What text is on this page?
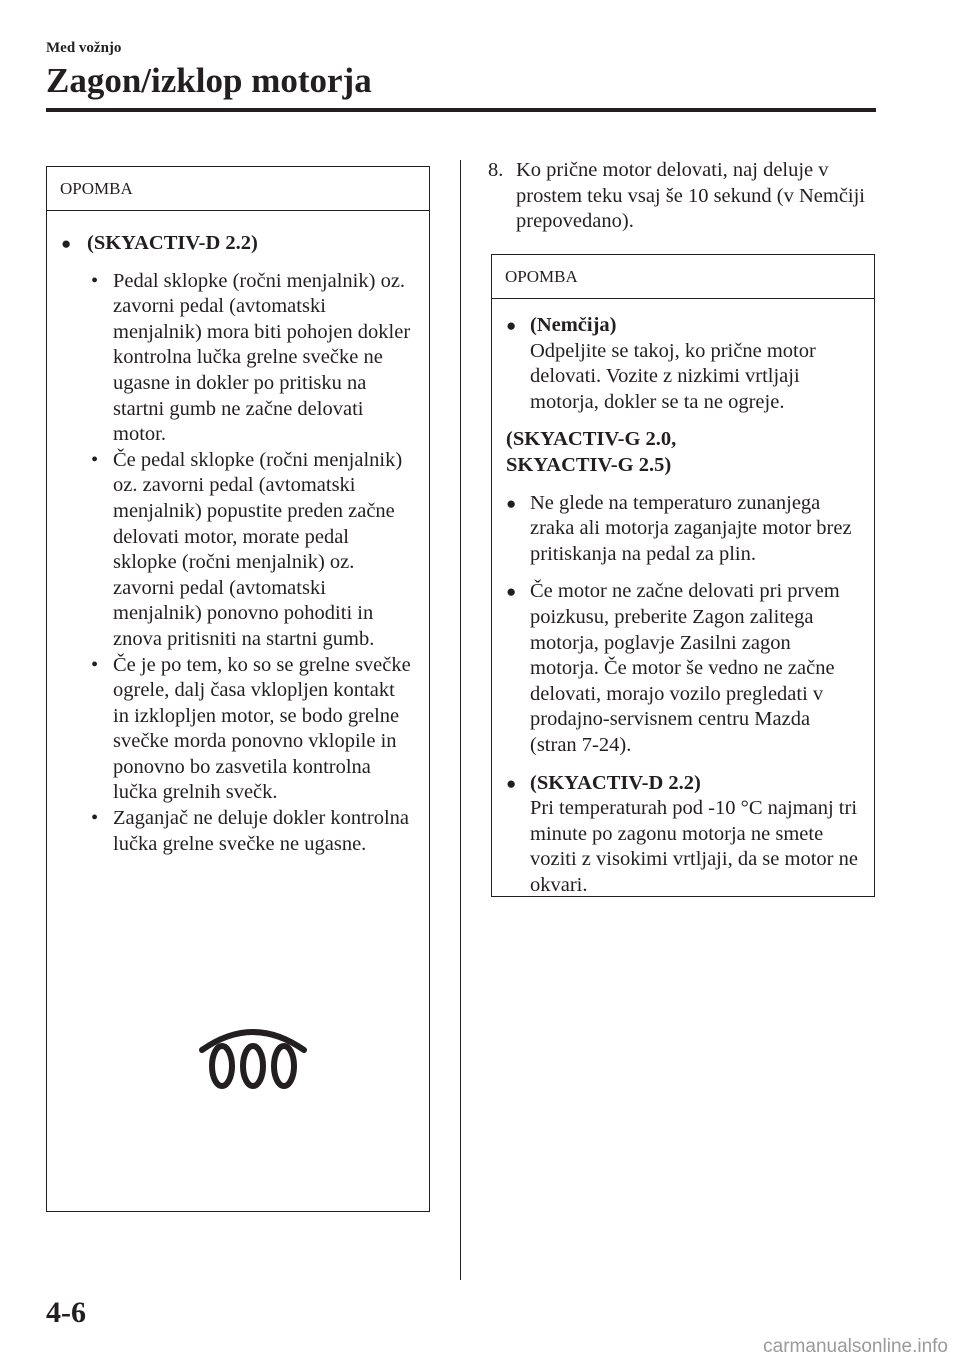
Med vožnjo
Zagon/izklop motorja
OPOMBA
● (SKYACTIV-D 2.2)
• Pedal sklopke (ročni menjalnik) oz. zavorni pedal (avtomatski menjalnik) mora biti pohojen dokler kontrolna lučka grelne svečke ne ugasne in dokler po pritisku na startni gumb ne začne delovati motor.
• Če pedal sklopke (ročni menjalnik) oz. zavorni pedal (avtomatski menjalnik) popustite preden začne delovati motor, morate pedal sklopke (ročni menjalnik) oz. zavorni pedal (avtomatski menjalnik) ponovno pohoditi in znova pritisniti na startni gumb.
• Če je po tem, ko so se grelne svečke ogrele, dalj časa vklopljen kontakt in izklopljen motor, se bodo grelne svečke morda ponovno vklopile in ponovno bo zasvetila kontrolna lučka grelnih svečk.
• Zaganjač ne deluje dokler kontrolna lučka grelne svečke ne ugasne.
8. Ko prične motor delovati, naj deluje v prostem teku vsaj še 10 sekund (v Nemčiji prepovedano).
OPOMBA
● (Nemčija)
Odpeljite se takoj, ko prične motor delovati. Vozite z nizkimi vrtljaji motorja, dokler se ta ne ogreje.
(SKYACTIV-G 2.0,
SKYACTIV-G 2.5)
● Ne glede na temperaturo zunanjega zraka ali motorja zaganjajte motor brez pritiskanja na pedal za plin.
● Če motor ne začne delovati pri prvem poizkusu, preberite Zagon zalitega motorja, poglavje Zasilni zagon motorja. Če motor še vedno ne začne delovati, morajo vozilo pregledati v prodajno-servisnem centru Mazda (stran 7-24).
● (SKYACTIV-D 2.2)
Pri temperaturah pod -10 °C najmanj tri minute po zagonu motorja ne smete voziti z visokimi vrtljaji, da se motor ne okvari.
4-6
carmanualsonline.info
